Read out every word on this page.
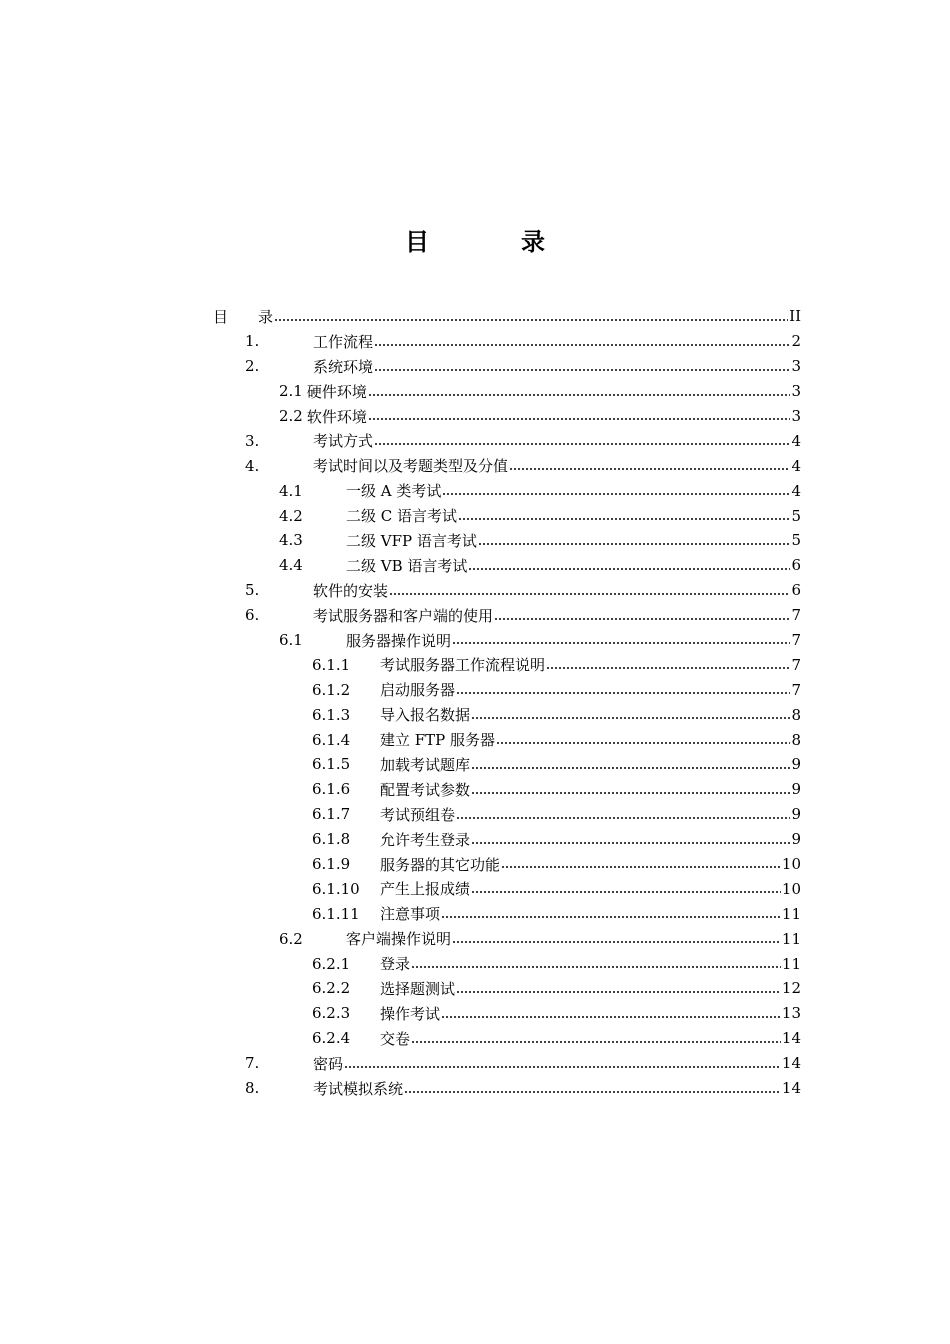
目　录
目　　录	II
1.	工作流程	2
2.	系统环境	3
2.1 硬件环境	3
2.2 软件环境	3
3.	考试方式	4
4.	考试时间以及考题类型及分值	4
4.1	一级 A 类考试	4
4.2	二级 C 语言考试	5
4.3	二级 VFP 语言考试	5
4.4	二级 VB 语言考试	6
5.	软件的安装	6
6.	考试服务器和客户端的使用	7
6.1	服务器操作说明	7
6.1.1	考试服务器工作流程说明	7
6.1.2	启动服务器	7
6.1.3	导入报名数据	8
6.1.4	建立 FTP 服务器	8
6.1.5	加载考试题库	9
6.1.6	配置考试参数	9
6.1.7	考试预组卷	9
6.1.8	允许考生登录	9
6.1.9	服务器的其它功能	10
6.1.10	产生上报成绩	10
6.1.11	注意事项	11
6.2	客户端操作说明	11
6.2.1	登录	11
6.2.2	选择题测试	12
6.2.3	操作考试	13
6.2.4	交卷	14
7.	密码	14
8.	考试模拟系统	14
